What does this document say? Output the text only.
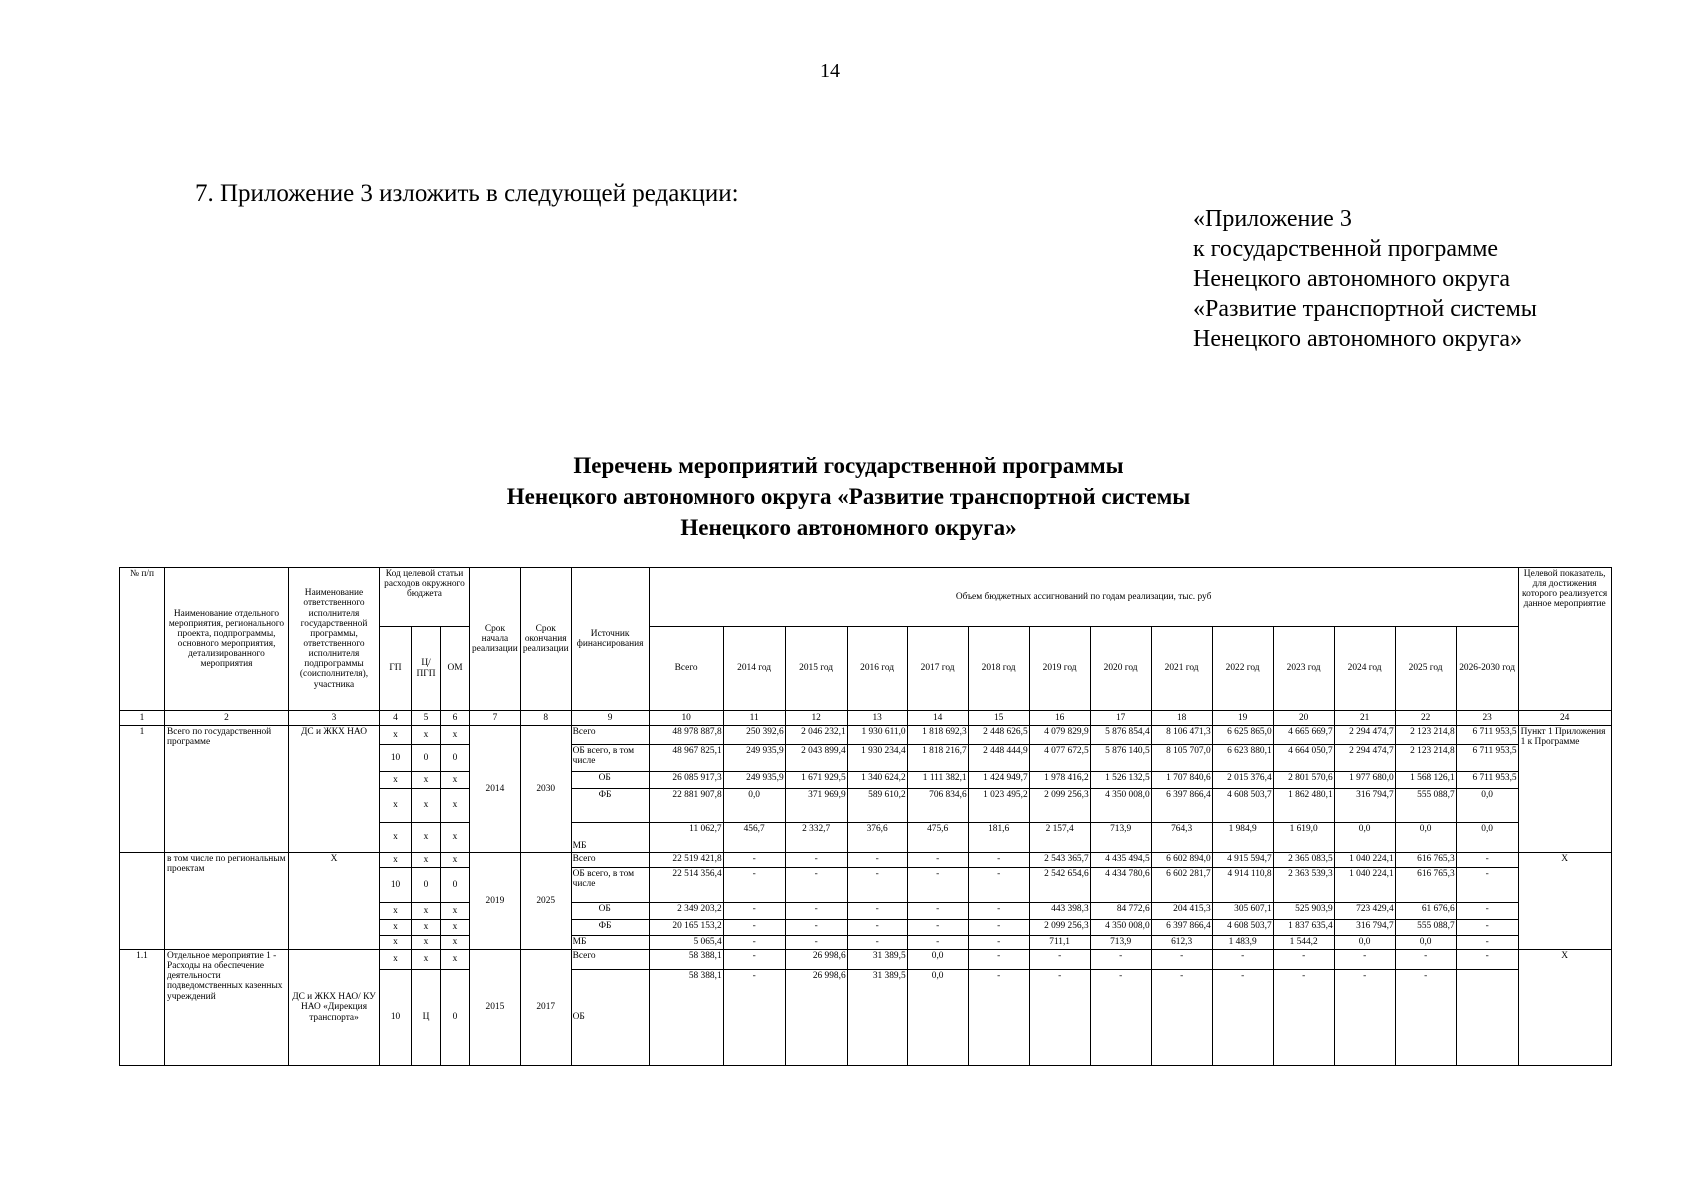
14
7. Приложение 3 изложить в следующей редакции:
«Приложение 3
к государственной программе
Ненецкого автономного округа
«Развитие транспортной системы
Ненецкого автономного округа»
Перечень мероприятий государственной программы
Ненецкого автономного округа «Развитие транспортной системы
Ненецкого автономного округа»
№ п/п	Наименование отдельного мероприятия, регионального проекта, подпрограммы, основного мероприятия, детализированного мероприятия	Наименование ответственного исполнителя государственной программы, ответственного исполнителя подпрограммы (соисполнителя), участника	Код целевой статьи расходов окружного бюджета			Срок начала реализации	Срок окончания реализации	Источник финансирования	Объем бюджетных ассигнований по годам реализации, тыс. руб														Целевой показатель, для достижения которого реализуется данное мероприятие
			ГП	Ц/ПГП	ОМ				Всего	2014 год	2015 год	2016 год	2017 год	2018 год	2019 год	2020 год	2021 год	2022 год	2023 год	2024 год	2025 год	2026-2030 год	
1	2	3	4	5	6	7	8	9	10	11	12	13	14	15	16	17	18	19	20	21	22	23	24
1	Всего по государственной программе	ДС и ЖКХ НАО	x	x	x	2014	2030	Всего	48 978 887,8	250 392,6	2 046 232,1	1 930 611,0	1 818 692,3	2 448 626,5	4 079 829,9	5 876 854,4	8 106 471,3	6 625 865,0	4 665 669,7	2 294 474,7	2 123 214,8	6 711 953,5	Пункт 1 Приложения 1 к Программе
			10	0	0			ОБ всего, в том числе	48 967 825,1	249 935,9	2 043 899,4	1 930 234,4	1 818 216,7	2 448 444,9	4 077 672,5	5 876 140,5	8 105 707,0	6 623 880,1	4 664 050,7	2 294 474,7	2 123 214,8	6 711 953,5	
			x	x	x			ОБ	26 085 917,3	249 935,9	1 671 929,5	1 340 624,2	1 111 382,1	1 424 949,7	1 978 416,2	1 526 132,5	1 707 840,6	2 015 376,4	2 801 570,6	1 977 680,0	1 568 126,1	6 711 953,5	
			x	x	x			ФБ	22 881 907,8	0,0	371 969,9	589 610,2	706 834,6	1 023 495,2	2 099 256,3	4 350 008,0	6 397 866,4	4 608 503,7	1 862 480,1	316 794,7	555 088,7	0,0	
			x	x	x			МБ	11 062,7	456,7	2 332,7	376,6	475,6	181,6	2 157,4	713,9	764,3	1 984,9	1 619,0	0,0	0,0	0,0	
	в том числе по региональным проектам	X	x	x	x	2019	2025	Всего	22 519 421,8	-	-	-	-	-	2 543 365,7	4 435 494,5	6 602 894,0	4 915 594,7	2 365 083,5	1 040 224,1	616 765,3	-	X
			10	0	0			ОБ всего, в том числе	22 514 356,4	-	-	-	-	-	2 542 654,6	4 434 780,6	6 602 281,7	4 914 110,8	2 363 539,3	1 040 224,1	616 765,3	-	
			x	x	x			ОБ	2 349 203,2	-	-	-	-	-	443 398,3	84 772,6	204 415,3	305 607,1	525 903,9	723 429,4	61 676,6	-	
			x	x	x			ФБ	20 165 153,2	-	-	-	-	-	2 099 256,3	4 350 008,0	6 397 866,4	4 608 503,7	1 837 635,4	316 794,7	555 088,7	-	
			x	x	x			МБ	5 065,4	-	-	-	-	-	711,1	713,9	612,3	1 483,9	1 544,2	0,0	0,0	-	
1.1	Отдельное мероприятие 1 - Расходы на обеспечение деятельности подведомственных казенных учреждений	ДС и ЖКХ НАО/ КУ НАО «Дирекция транспорта»	x	x	x	2015	2017	Всего	58 388,1	-	26 998,6	31 389,5	0,0	-	-	-	-	-	-	-	-	-	X
			10	Ц	0			ОБ	58 388,1	-	26 998,6	31 389,5	0,0	-	-	-	-	-	-	-	-		
